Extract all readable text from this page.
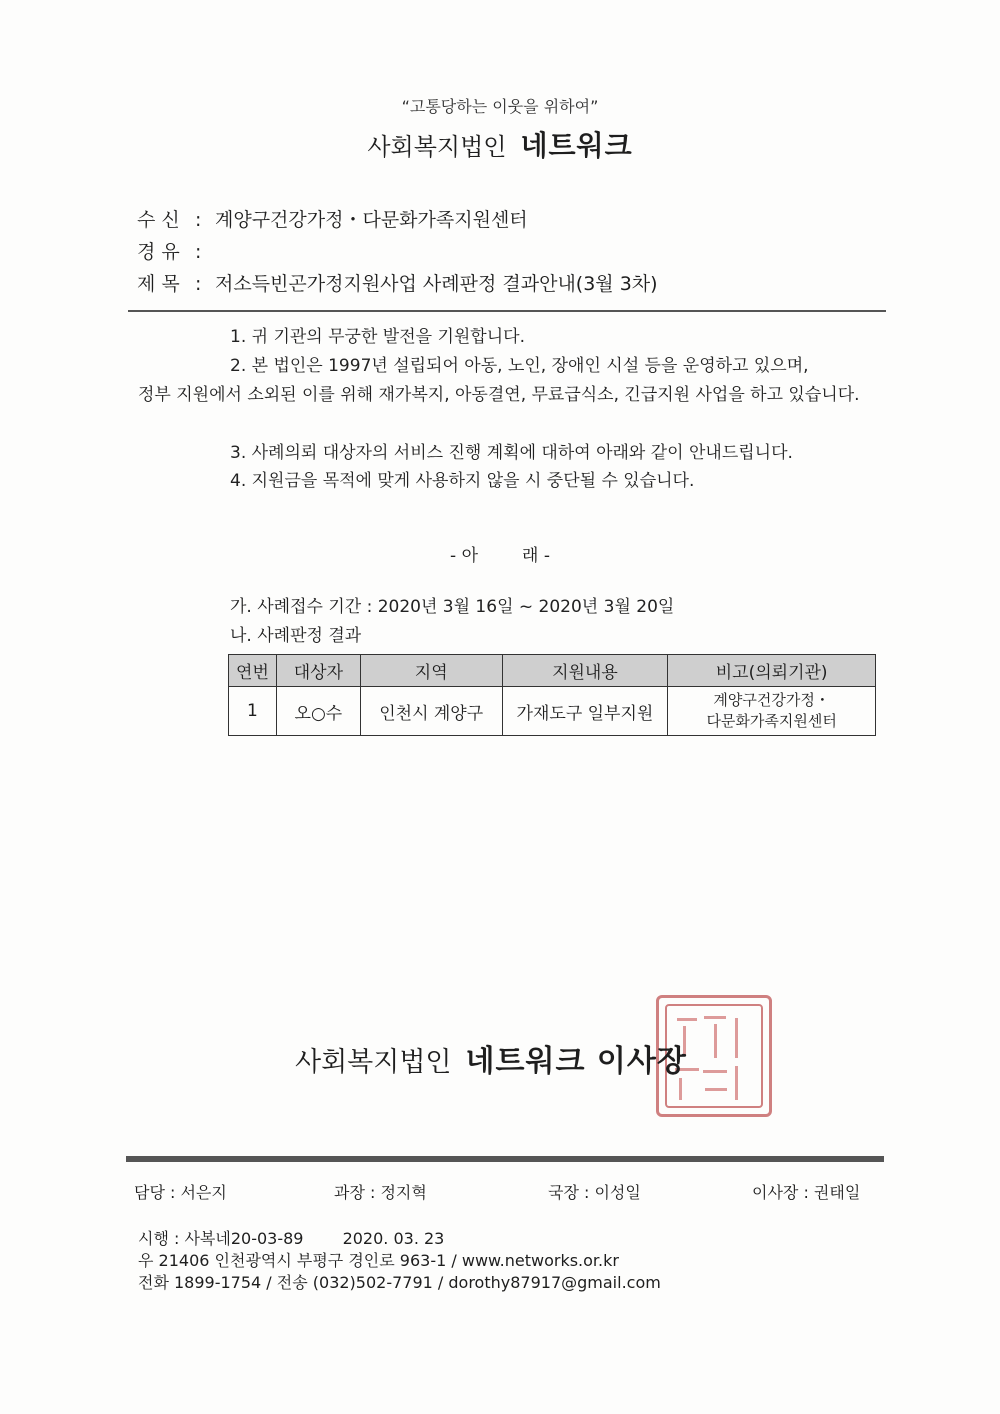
“고통당하는 이웃을 위하여”
사회복지법인 네트워크
수 신 : 계양구건강가정・다문화가족지원센터
경 유 :
제 목 : 저소득빈곤가정지원사업 사례판정 결과안내(3월 3차)
1. 귀 기관의 무궁한 발전을 기원합니다.
2. 본 법인은 1997년 설립되어 아동, 노인, 장애인 시설 등을 운영하고 있으며,
정부 지원에서 소외된 이를 위해 재가복지, 아동결연, 무료급식소, 긴급지원 사업을 하고 있습니다.
3. 사례의뢰 대상자의 서비스 진행 계획에 대하여 아래와 같이 안내드립니다.
4. 지원금을 목적에 맞게 사용하지 않을 시 중단될 수 있습니다.
- 아	래 -
가. 사례접수 기간 : 2020년 3월 16일 ~ 2020년 3월 20일
나. 사례판정 결과
연번	대상자	지역	지원내용	비고(의뢰기관)
1	오○수	인천시 계양구	가재도구 일부지원	계양구건강가정・
다문화가족지원센터
사회복지법인 네트워크 이사장
담당 : 서은지	과장 : 정지혁	국장 : 이성일	이사장 : 권태일
시행 : 사복네20-03-89 2020. 03. 23
우 21406 인천광역시 부평구 경인로 963-1 / www.networks.or.kr
전화 1899-1754 / 전송 (032)502-7791 / dorothy87917@gmail.com
